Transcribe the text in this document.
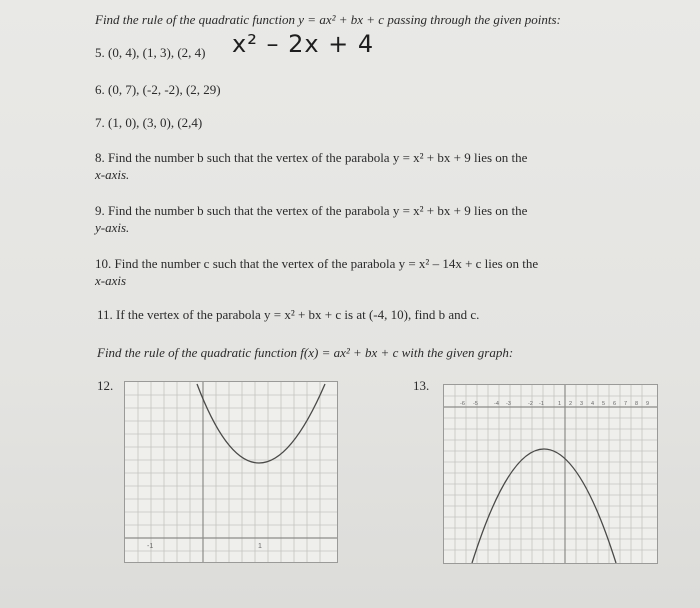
Find the rule of the quadratic function y = ax² + bx + c passing through the given points:
5. (0, 4), (1, 3), (2, 4) x² – 2x + 4
6. (0, 7), (-2, -2), (2, 29)
7. (1, 0), (3, 0), (2,4)
8. Find the number b such that the vertex of the parabola y = x² + bx + 9 lies on the
x-axis.
9. Find the number b such that the vertex of the parabola y = x² + bx + 9 lies on the
y-axis.
10. Find the number c such that the vertex of the parabola y = x² – 14x + c lies on the
x-axis
11. If the vertex of the parabola y = x² + bx + c is at (-4, 10), find b and c.
Find the rule of the quadratic function f(x) = ax² + bx + c with the given graph:
12.
-1	1
13.
-6 -5	-4 -3	-2 -1	1 2 3 4 5 6 7 8 9
